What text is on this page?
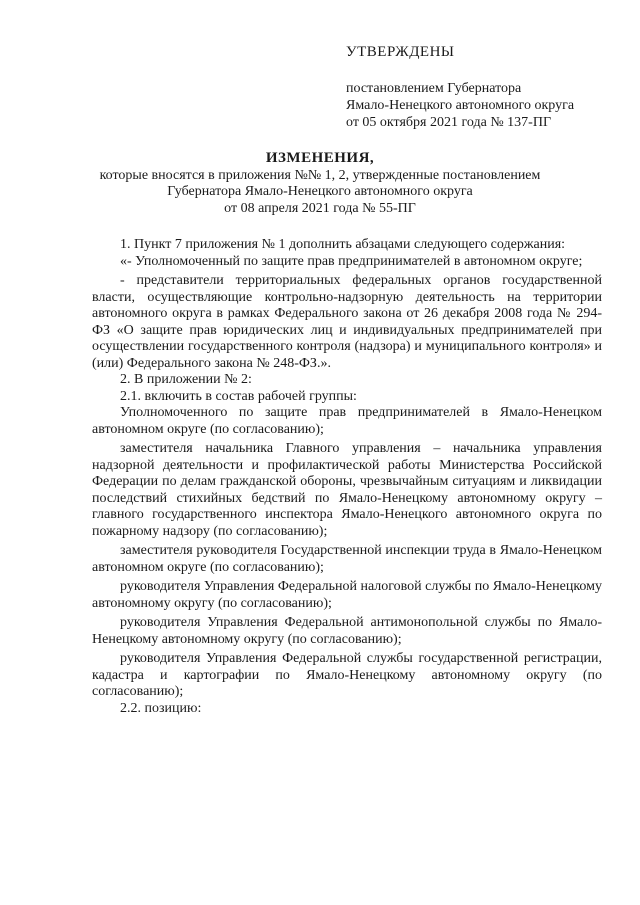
УТВЕРЖДЕНЫ
постановлением Губернатора
Ямало-Ненецкого автономного округа
от 05 октября 2021 года № 137-ПГ
ИЗМЕНЕНИЯ,
которые вносятся в приложения №№ 1, 2, утвержденные постановлением
Губернатора Ямало-Ненецкого автономного округа
от 08 апреля 2021 года № 55-ПГ

1. Пункт 7 приложения № 1 дополнить абзацами следующего содержания:

«- Уполномоченный по защите прав предпринимателей в автономном округе;

- представители территориальных федеральных органов государственной власти, осуществляющие контрольно-надзорную деятельность на территории автономного округа в рамках Федерального закона от 26 декабря 2008 года № 294-ФЗ «О защите прав юридических лиц и индивидуальных предпринимателей при осуществлении государственного контроля (надзора) и муниципального контроля» и (или) Федерального закона № 248-ФЗ.».

2. В приложении № 2:

2.1. включить в состав рабочей группы:

Уполномоченного по защите прав предпринимателей в Ямало-Ненецком автономном округе (по согласованию);

заместителя начальника Главного управления – начальника управления надзорной деятельности и профилактической работы Министерства Российской Федерации по делам гражданской обороны, чрезвычайным ситуациям и ликвидации последствий стихийных бедствий по Ямало-Ненецкому автономному округу – главного государственного инспектора Ямало-Ненецкого автономного округа по пожарному надзору (по согласованию);

заместителя руководителя Государственной инспекции труда в Ямало-Ненецком автономном округе (по согласованию);

руководителя Управления Федеральной налоговой службы по Ямало-Ненецкому автономному округу (по согласованию);

руководителя Управления Федеральной антимонопольной службы по Ямало-Ненецкому автономному округу (по согласованию);

руководителя Управления Федеральной службы государственной регистрации, кадастра и картографии по Ямало-Ненецкому автономному округу (по согласованию);

2.2. позицию:
